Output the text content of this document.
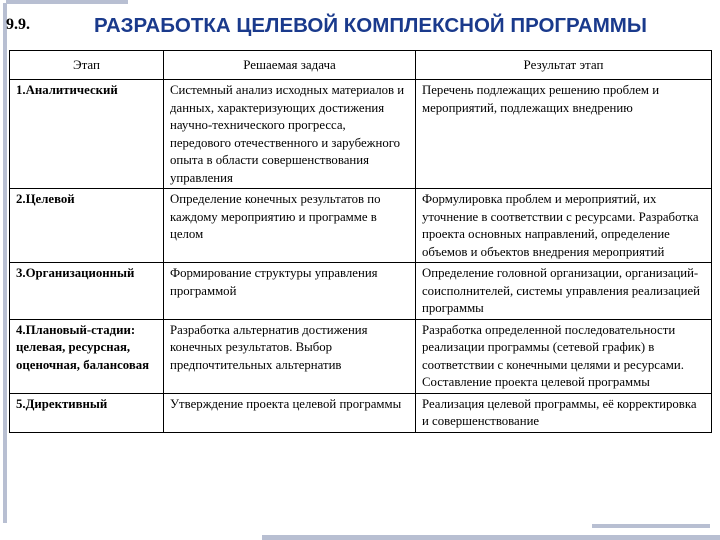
9.9.	РАЗРАБОТКА ЦЕЛЕВОЙ КОМПЛЕКСНОЙ ПРОГРАММЫ
Этап	Решаемая задача	Результат этап
1.Аналитический	Системный анализ исходных материалов и данных, характеризующих достижения научно-технического прогресса, передового отечественного и зарубежного опыта в области совершенствования управления	Перечень подлежащих решению проблем и мероприятий, подлежащих внедрению
2.Целевой	Определение конечных результатов по каждому мероприятию и программе в целом	Формулировка проблем и мероприятий, их уточнение в соответствии с ресурсами. Разработка проекта основных направлений, определение объемов и объектов внедрения мероприятий
3.Организационный	Формирование структуры управления программой	Определение головной организации, организаций-соисполнителей, системы управления реализацией программы
4.Плановый-стадии: целевая, ресурсная, оценочная, балансовая	Разработка альтернатив достижения конечных результатов. Выбор предпочтительных альтернатив	Разработка определенной последовательности реализации программы (сетевой график) в соответствии с конечными целями и ресурсами. Составление проекта целевой программы
5.Директивный	Утверждение проекта целевой программы	Реализация целевой программы, её корректировка и совершенствование
